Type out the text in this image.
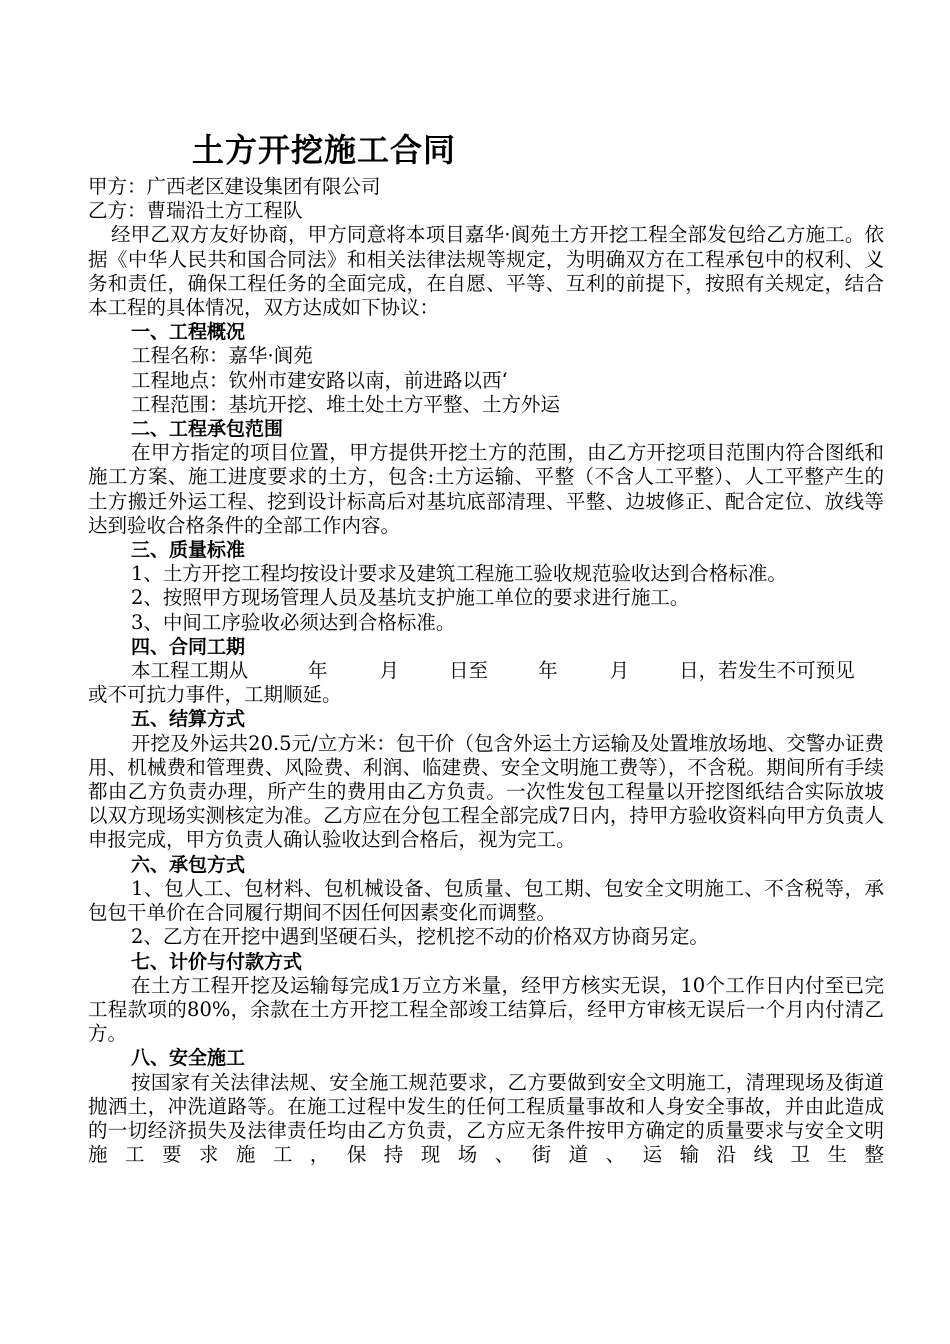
土方开挖施工合同
甲方：广西老区建设集团有限公司
乙方：曹瑞沿土方工程队
经甲乙双方友好协商，甲方同意将本项目嘉华·阆苑土方开挖工程全部发包给乙方施工。依据《中华人民共和国合同法》和相关法律法规等规定，为明确双方在工程承包中的权利、义务和责任，确保工程任务的全面完成，在自愿、平等、互利的前提下，按照有关规定，结合本工程的具体情况，双方达成如下协议：
一、工程概况
工程名称：嘉华·阆苑
工程地点：钦州市建安路以南，前进路以西‘
工程范围：基坑开挖、堆土处土方平整、土方外运
二、工程承包范围
在甲方指定的项目位置，甲方提供开挖土方的范围，由乙方开挖项目范围内符合图纸和施工方案、施工进度要求的土方，包含:土方运输、平整（不含人工平整）、人工平整产生的土方搬迁外运工程、挖到设计标高后对基坑底部清理、平整、边坡修正、配合定位、放线等达到验收合格条件的全部工作内容。
三、质量标准
1、土方开挖工程均按设计要求及建筑工程施工验收规范验收达到合格标准。
2、按照甲方现场管理人员及基坑支护施工单位的要求进行施工。
3、中间工序验收必须达到合格标准。
四、合同工期
本工程工期从	年	月	日至	年	月	日，若发生不可预见
或不可抗力事件，工期顺延。
五、结算方式
开挖及外运共20.5元/立方米：包干价（包含外运土方运输及处置堆放场地、交警办证费用、机械费和管理费、风险费、利润、临建费、安全文明施工费等），不含税。期间所有手续都由乙方负责办理，所产生的费用由乙方负责。一次性发包工程量以开挖图纸结合实际放坡以双方现场实测核定为准。乙方应在分包工程全部完成7日内，持甲方验收资料向甲方负责人申报完成，甲方负责人确认验收达到合格后，视为完工。
六、承包方式
1、包人工、包材料、包机械设备、包质量、包工期、包安全文明施工、不含税等，承包包干单价在合同履行期间不因任何因素变化而调整。
2、乙方在开挖中遇到坚硬石头，挖机挖不动的价格双方协商另定。
七、计价与付款方式
在土方工程开挖及运输每完成1万立方米量，经甲方核实无误，10个工作日内付至已完工程款项的80%，余款在土方开挖工程全部竣工结算后，经甲方审核无误后一个月内付清乙方。
八、安全施工
按国家有关法律法规、安全施工规范要求，乙方要做到安全文明施工，清理现场及街道抛洒土，冲洗道路等。在施工过程中发生的任何工程质量事故和人身安全事故，并由此造成的一切经济损失及法律责任均由乙方负责，乙方应无条件按甲方确定的质量要求与安全文明施工要求施工，保持现场、街道、运输沿线卫生整
